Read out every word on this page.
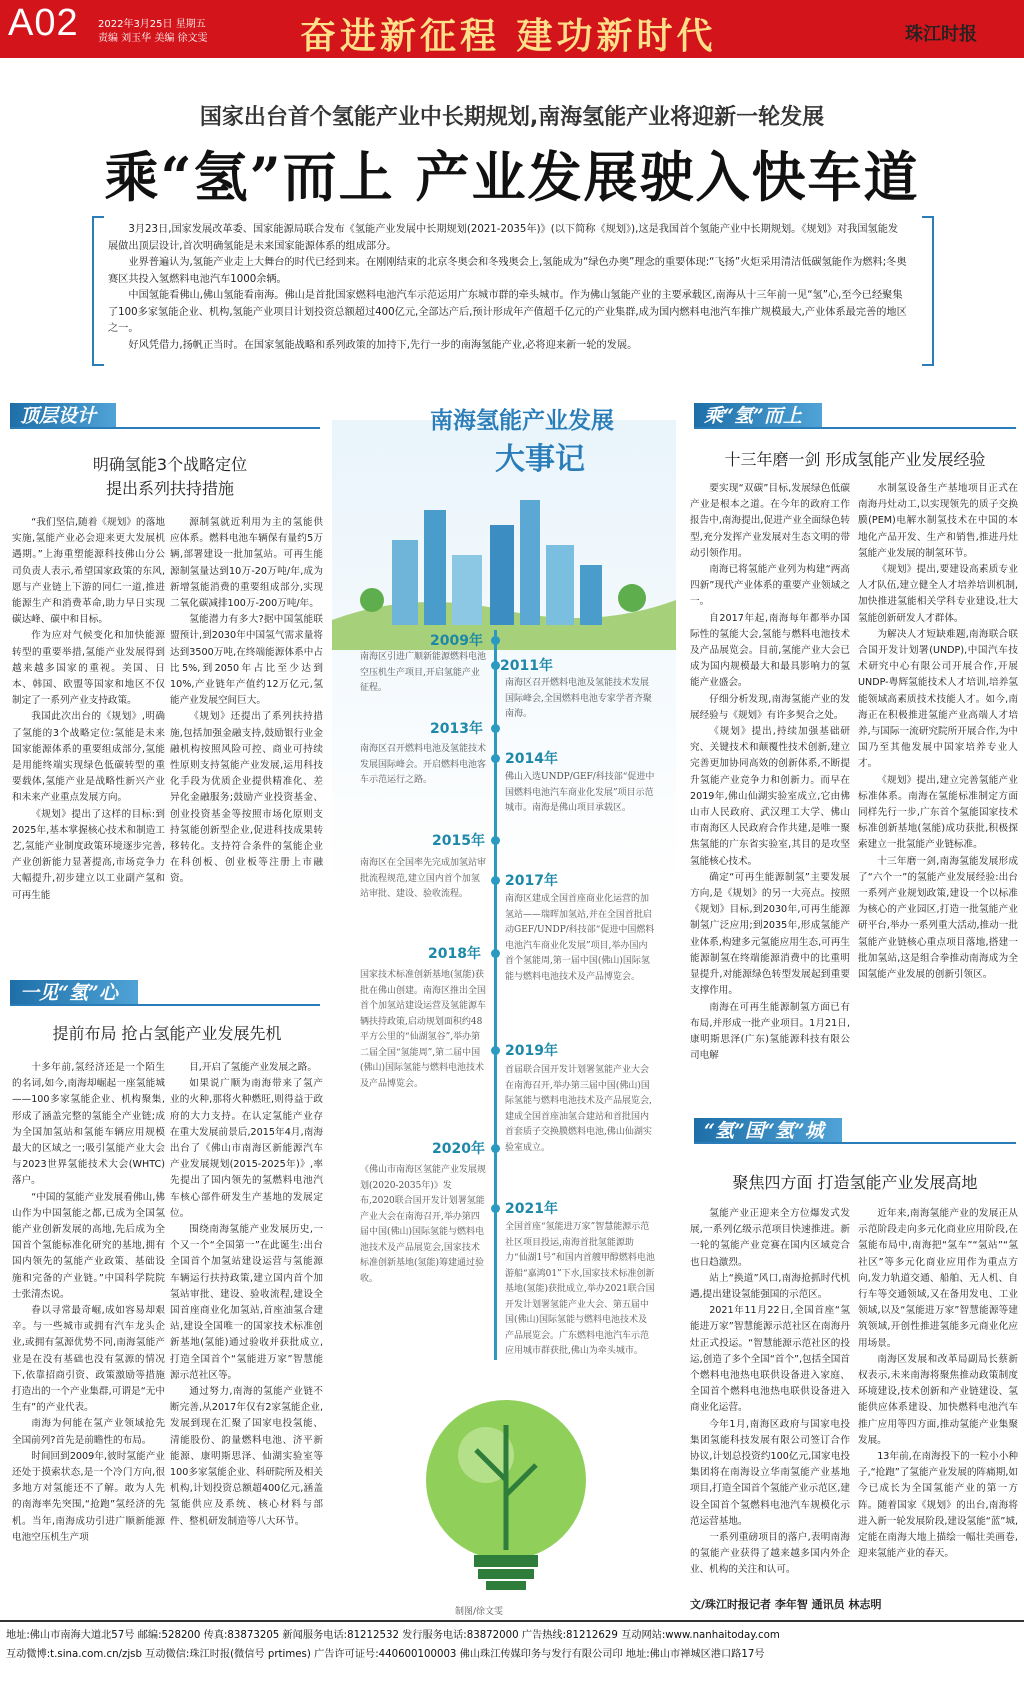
A02 2022年3月25日 星期五
责编 刘玉华 美编 徐文雯	奋进新征程 建功新时代	珠江时报
国家出台首个氢能产业中长期规划,南海氢能产业将迎新一轮发展
乘“氢”而上 产业发展驶入快车道

3月23日,国家发展改革委、国家能源局联合发布《氢能产业发展中长期规划(2021-2035年)》(以下简称《规划》),这是我国首个氢能产业中长期规划。《规划》对我国氢能发展做出顶层设计,首次明确氢能是未来国家能源体系的组成部分。

业界普遍认为,氢能产业走上大舞台的时代已经到来。在刚刚结束的北京冬奥会和冬残奥会上,氢能成为“绿色办奥”理念的重要体现:“飞扬”火炬采用清洁低碳氢能作为燃料;冬奥赛区共投入氢燃料电池汽车1000余辆。

中国氢能看佛山,佛山氢能看南海。佛山是首批国家燃料电池汽车示范运用广东城市群的牵头城市。作为佛山氢能产业的主要承载区,南海从十三年前一见“氢”心,至今已经聚集了100多家氢能企业、机构,氢能产业项目计划投资总额超过400亿元,全部达产后,预计形成年产值超千亿元的产业集群,成为国内燃料电池汽车推广规模最大,产业体系最完善的地区之一。

好风凭借力,扬帆正当时。在国家氢能战略和系列政策的加持下,先行一步的南海氢能产业,必将迎来新一轮的发展。

顶层设计
明确氢能3个战略定位
提出系列扶持措施

“我们坚信,随着《规划》的落地实施,氢能产业必会迎来更大发展机遇期。”上海重塑能源科技佛山分公司负责人表示,希望国家政策的东风,愿与产业链上下游的同仁一道,推进能源生产和消费革命,助力早日实现碳达峰、碳中和目标。

作为应对气候变化和加快能源转型的重要举措,氢能产业发展得到越来越多国家的重视。美国、日本、韩国、欧盟等国家和地区不仅制定了一系列产业支持政策。

我国此次出台的《规划》,明确了氢能的3个战略定位:氢能是未来国家能源体系的重要组成部分,氢能是用能终端实现绿色低碳转型的重要载体,氢能产业是战略性新兴产业和未来产业重点发展方向。

《规划》提出了这样的目标:到2025年,基本掌握核心技术和制造工艺,氢能产业制度政策环境逐步完善,产业创新能力显著提高,市场竞争力大幅提升,初步建立以工业副产氢和可再生能

源制氢就近利用为主的氢能供应体系。燃料电池车辆保有量约5万辆,部署建设一批加氢站。可再生能源制氢量达到10万-20万吨/年,成为新增氢能消费的重要组成部分,实现二氧化碳减排100万-200万吨/年。

氢能潜力有多大?据中国氢能联盟预计,到2030年中国氢气需求量将达到3500万吨,在终端能源体系中占比5%,到2050年占比至少达到10%,产业链年产值约12万亿元,氢能产业发展空间巨大。

《规划》还提出了系列扶持措施,包括加强金融支持,鼓励银行业金融机构按照风险可控、商业可持续性原则支持氢能产业发展,运用科技化手段为优质企业提供精准化、差异化金融服务;鼓励产业投资基金、创业投资基金等按照市场化原则支持氢能创新型企业,促进科技成果转移转化。支持符合条件的氢能企业在科创板、创业板等注册上市融资。

一见“氢”心
提前布局 抢占氢能产业发展先机

十多年前,氢经济还是一个陌生的名词,如今,南海却崛起一座氢能城——100多家氢能企业、机构聚集,形成了涵盖完整的氢能全产业链;成为全国加氢站和氢能车辆应用规模最大的区域之一;吸引氢能产业大会与2023世界氢能技术大会(WHTC)落户。

“中国的氢能产业发展看佛山,佛山作为中国氢能之都,已成为全国氢能产业创新发展的高地,先后成为全国首个氢能标准化研究的基地,拥有国内领先的氢能产业政策、基础设施和完备的产业链。”中国科学院院士张清杰说。

眷以寻常最奇崛,成如容易却艰辛。与一些城市或拥有汽车龙头企业,或拥有氢源优势不同,南海氢能产业是在没有基础也没有氢源的情况下,依靠招商引资、政策激励等措施打造出的一个产业集群,可谓是“无中生有”的产业代表。

南海为何能在氢产业领域抢先全国前列?首先是前瞻性的布局。

时间回到2009年,彼时氢能产业还处于摸索状态,是一个冷门方向,很多地方对氢能还不了解。敢为人先的南海率先突围,“抢跑”氢经济的先机。当年,南海成功引进广顺新能源电池空压机生产项

目,开启了氢能产业发展之路。

如果说广顺为南海带来了氢产业的火种,那将火种燃旺,则得益于政府的大力支持。在认定氢能产业存在重大发展前景后,2015年4月,南海出台了《佛山市南海区新能源汽车产业发展规划(2015-2025年)》,率先提出了国内领先的氢燃料电池汽车核心部件研发生产基地的发展定位。

围绕南海氢能产业发展历史,一个又一个“全国第一”在此诞生:出台全国首个加氢站建设运营与氢能源车辆运行扶持政策,建立国内首个加氢站审批、建设、验收流程,建设全国首座商业化加氢站,首座油氢合建站,建设全国唯一的国家技术标准创新基地(氢能)通过验收并获批成立,打造全国首个“氢能进万家”智慧能源示范社区等。

通过努力,南海的氢能产业链不断完善,从2017年仅有2家氢能企业,发展到现在汇聚了国家电投氢能、清能股份、韵量燃料电池、济平新能源、康明斯思泽、仙湖实验室等100多家氢能企业、科研院所及相关机构,计划投资总额超400亿元,涵盖氢能供应及系统、核心材料与部件、整机研发制造等八大环节。

南海氢能产业发展
大事记
2009年
南海区引进广顺新能源燃料电池空压机生产项目,开启氢能产业征程。
2011年
南海区召开燃料电池及氢能技术发展国际峰会,全国燃料电池专家学者齐聚南海。
2013年
南海区召开燃料电池及氢能技术发展国际峰会。开启燃料电池客车示范运行之路。
2014年
佛山入选UNDP/GEF/科技部“促进中国燃料电池汽车商业化发展”项目示范城市。南海是佛山项目承载区。
2015年
南海区在全国率先完成加氢站审批流程规范,建立国内首个加氢站审批、建设、验收流程。
2017年
南海区建成全国首座商业化运营的加氢站——瑞晖加氢站,并在全国首批启动GEF/UNDP/科技部“促进中国燃料电池汽车商业化发展”项目,举办国内首个氢能周,第一届中国(佛山)国际氢能与燃料电池技术及产品博览会。
2018年
国家技术标准创新基地(氢能)获批在佛山创建。南海区推出全国首个加氢站建设运营及氢能源车辆扶持政策,启动规划面积约48平方公里的“仙湖氢谷”,举办第二届全国“氢能周”,第二届中国(佛山)国际氢能与燃料电池技术及产品博览会。
2019年
首届联合国开发计划署氢能产业大会在南海召开,举办第三届中国(佛山)国际氢能与燃料电池技术及产品展览会,建成全国首座油氢合建站和首批国内首套质子交换膜燃料电池,佛山仙湖实验室成立。
2020年
《佛山市南海区氢能产业发展规划(2020-2035年)》发布,2020联合国开发计划署氢能产业大会在南海召开,举办第四届中国(佛山)国际氢能与燃料电池技术及产品展览会,国家技术标准创新基地(氢能)筹建通过验收。
2021年
全国首座“氢能进万家”智慧能源示范社区项目投运,南海首批氢能源助力“仙湖1号”和国内首艘甲醇燃料电池游船“嘉鸿01”下水,国家技术标准创新基地(氢能)获批成立,举办2021联合国开发计划署氢能产业大会、第五届中国(佛山)国际氢能与燃料电池技术及产品展览会。广东燃料电池汽车示范应用城市群获批,佛山为牵头城市。
制图/徐文雯
乘“氢”而上
十三年磨一剑 形成氢能产业发展经验

要实现“双碳”目标,发展绿色低碳产业是根本之道。在今年的政府工作报告中,南海提出,促进产业全面绿色转型,充分发挥产业发展对生态文明的带动引领作用。

南海已将氢能产业列为构建“两高四新”现代产业体系的重要产业领域之一。

自2017年起,南海每年都举办国际性的氢能大会,氢能与燃料电池技术及产品展览会。目前,氢能产业大会已成为国内规模最大和最具影响力的氢能产业盛会。

仔细分析发现,南海氢能产业的发展经验与《规划》有许多契合之处。

《规划》提出,持续加强基础研究、关键技术和颠覆性技术创新,建立完善更加协同高效的创新体系,不断提升氢能产业竞争力和创新力。而早在2019年,佛山仙湖实验室成立,它由佛山市人民政府、武汉理工大学、佛山市南海区人民政府合作共建,是唯一聚焦氢能的广东省实验室,其目的是攻坚氢能核心技术。

确定“可再生能源制氢”主要发展方向,是《规划》的另一大亮点。按照《规划》目标,到2030年,可再生能源制氢广泛应用;到2035年,形成氢能产业体系,构建多元氢能应用生态,可再生能源制氢在终端能源消费中的比重明显提升,对能源绿色转型发展起到重要支撑作用。

南海在可再生能源制氢方面已有布局,并形成一批产业项目。1月21日,康明斯思泽(广东)氢能源科技有限公司电解

水制氢设备生产基地项目正式在南海丹灶动工,以实现领先的质子交换膜(PEM)电解水制氢技术在中国的本地化产品开发、生产和销售,推进丹灶氢能产业发展的制氢环节。

《规划》提出,要建设高素质专业人才队伍,建立健全人才培养培训机制,加快推进氢能相关学科专业建设,壮大氢能创新研发人才群体。

为解决人才短缺难题,南海联合联合国开发计划署(UNDP),中国汽车技术研究中心有限公司开展合作,开展UNDP-粤辉氢能技术人才培训,培养氢能领域高素质技术技能人才。如今,南海正在积极推进氢能产业高端人才培养,与国际一流研究院所开展合作,为中国乃至其他发展中国家培养专业人才。

《规划》提出,建立完善氢能产业标准体系。南海在氢能标准制定方面同样先行一步,广东首个氢能国家技术标准创新基地(氢能)成功获批,积极探索建立一批氢能产业链标准。

十三年磨一剑,南海氢能发展形成了“六个一”的氢能产业发展经验:出台一系列产业规划政策,建设一个以标准为核心的产业园区,打造一批氢能产业研平台,举办一系列重大活动,推动一批氢能产业链核心重点项目落地,搭建一批加氢站,这是组合拳推动南海成为全国氢能产业发展的创新引领区。

“氢”国“氢”城
聚焦四方面 打造氢能产业发展高地

氢能产业正迎来全方位爆发式发展,一系列亿级示范项目快速推进。新一轮的氢能产业竞赛在国内区域竞合也日趋激烈。

站上“换道”风口,南海抢抓时代机遇,提出建设氢能强国的示范区。

2021年11月22日,全国首座“氢能进万家”智慧能源示范社区在南海丹灶正式投运。“智慧能源示范社区的投运,创造了多个全国“首个”,包括全国首个燃料电池热电联供设备进入家庭、全国首个燃料电池热电联供设备进入商业化运营。

今年1月,南海区政府与国家电投集团氢能科技发展有限公司签订合作协议,计划总投资约100亿元,国家电投集团将在南海设立华南氢能产业基地项目,打造全国首个氢能产业示范区,建设全国首个氢燃料电池汽车规模化示范运营基地。

一系列重磅项目的落户,表明南海的氢能产业获得了越来越多国内外企业、机构的关注和认可。

近年来,南海氢能产业的发展正从示范阶段走向多元化商业应用阶段,在氢能布局中,南海把“氢车”“氢站”“氢社区”等多元化商业应用作为重点方向,发力轨道交通、船舶、无人机、自行车等交通领域,又在备用发电、工业领域,以及“氢能进万家”智慧能源等建筑领域,开创性推进氢能多元商业化应用场景。

南海区发展和改革局副局长蔡新权表示,未来南海将聚焦推动政策制度环境建设,技术创新和产业链建设、氢能供应体系建设、加快燃料电池汽车推广应用等四方面,推动氢能产业集聚发展。

13年前,在南海投下的一粒小小种子,“抢跑”了氢能产业发展的阵痛期,如今已成长为全国氢能产业的第一方阵。随着国家《规划》的出台,南海将进入新一轮发展阶段,建设氢能“蓝”城,定能在南海大地上描绘一幅壮美画卷,迎来氢能产业的春天。

文/珠江时报记者 李年智 通讯员 林志明
地址:佛山市南海大道北57号 邮编:528200 传真:83873205 新闻服务电话:81212532 发行服务电话:83872000 广告热线:81212629 互动网站:www.nanhaitoday.com
互动微博:t.sina.com.cn/zjsb 互动微信:珠江时报(微信号 prtimes) 广告许可证号:440600100003 佛山珠江传媒印务与发行有限公司印 地址:佛山市禅城区港口路17号
